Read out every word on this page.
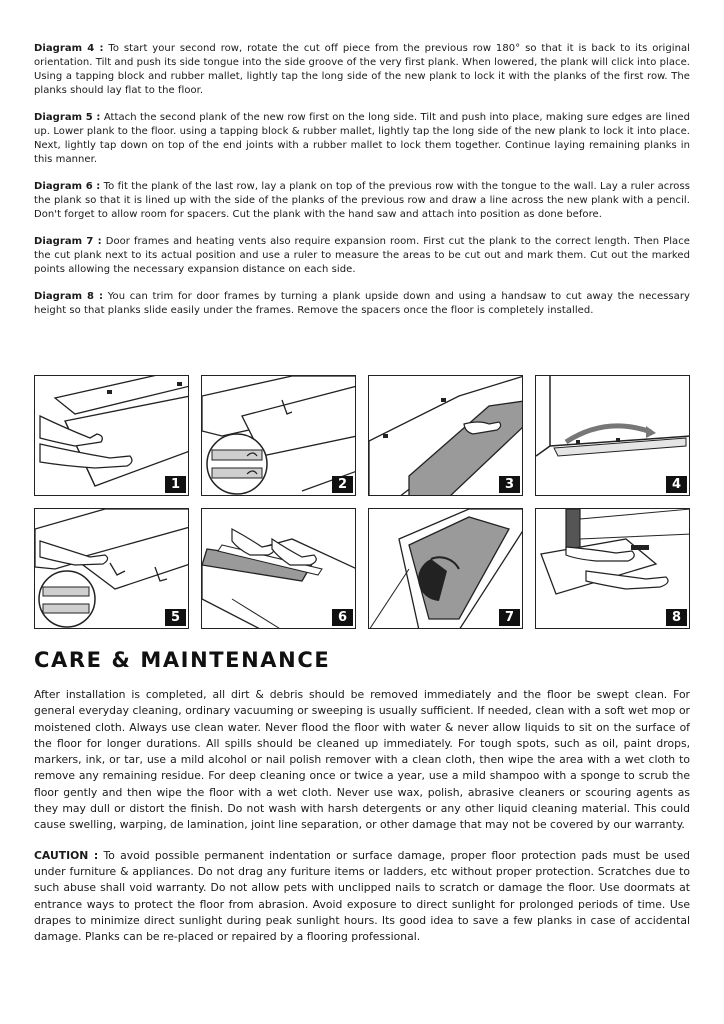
Diagram 4 : To start your second row, rotate the cut off piece from the previous row 180° so that it is back to its original orientation. Tilt and push its side tongue into the side groove of the very first plank. When lowered, the plank will click into place. Using a tapping block and rubber mallet, lightly tap the long side of the new plank to lock it with the planks of the first row. The planks should lay flat to the floor.

Diagram 5 : Attach the second plank of the new row first on the long side. Tilt and push into place, making sure edges are lined up. Lower plank to the floor. using a tapping block & rubber mallet, lightly tap the long side of the new plank to lock it into place. Next, lightly tap down on top of the end joints with a rubber mallet to lock them together. Continue laying remaining planks in this manner.

Diagram 6 : To fit the plank of the last row, lay a plank on top of the previous row with the tongue to the wall. Lay a ruler across the plank so that it is lined up with the side of the planks of the previous row and draw a line across the new plank with a pencil. Don't forget to allow room for spacers. Cut the plank with the hand saw and attach into position as done before.

Diagram 7 : Door frames and heating vents also require expansion room. First cut the plank to the correct length. Then Place the cut plank next to its actual position and use a ruler to measure the areas to be cut out and mark them. Cut out the marked points allowing the necessary expansion distance on each side.

Diagram 8 : You can trim for door frames by turning a plank upside down and using a handsaw to cut away the necessary height so that planks slide easily under the frames. Remove the spacers once the floor is completely installed.

1	2	3	4
5	6	7	8
CARE & MAINTENANCE

After installation is completed, all dirt & debris should be removed immediately and the floor be swept clean. For general everyday cleaning, ordinary vacuuming or sweeping is usually sufficient. If needed, clean with a soft wet mop or moistened cloth. Always use clean water. Never flood the floor with water & never allow liquids to sit on the surface of the floor for longer durations. All spills should be cleaned up immediately. For tough spots, such as oil, paint drops, markers, ink, or tar, use a mild alcohol or nail polish remover with a clean cloth, then wipe the area with a wet cloth to remove any remaining residue. For deep cleaning once or twice a year, use a mild shampoo with a sponge to scrub the floor gently and then wipe the floor with a wet cloth. Never use wax, polish, abrasive cleaners or scouring agents as they may dull or distort the finish. Do not wash with harsh detergents or any other liquid cleaning material. This could cause swelling, warping, de lamination, joint line separation, or other damage that may not be covered by our warranty.

CAUTION : To avoid possible permanent indentation or surface damage, proper floor protection pads must be used under furniture & appliances. Do not drag any furiture items or ladders, etc without proper protection. Scratches due to such abuse shall void warranty. Do not allow pets with unclipped nails to scratch or damage the floor. Use doormats at entrance ways to protect the floor from abrasion. Avoid exposure to direct sunlight for prolonged periods of time. Use drapes to minimize direct sunlight during peak sunlight hours. Its good idea to save a few planks in case of accidental damage. Planks can be re-placed or repaired by a flooring professional.
